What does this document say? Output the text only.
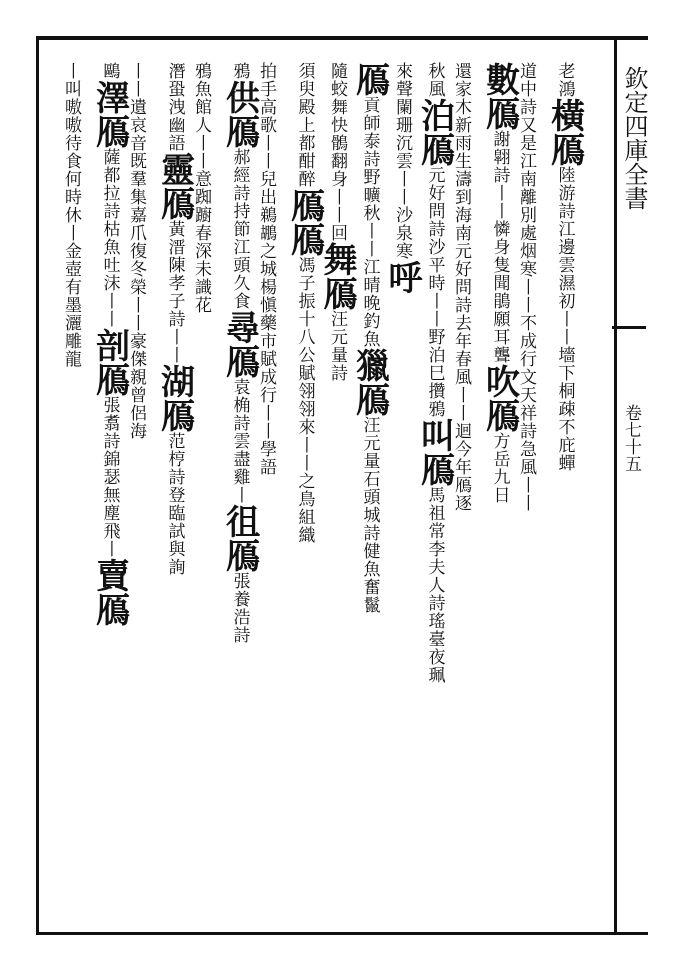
欽定四庫全書
卷七十五
老鴻橫鴈陸游詩江邊雲濕初丨丨墻下桐疎不庇蟬
道中詩又是江南離別處烟寒丨丨不成行文天祥詩急風丨丨
數鴈謝翶詩丨丨憐身隻聞鵑願耳聾吹鴈方岳九日
還家木新雨生濤到海南元好問詩去年春風丨丨迴今年鴈逐
秋風泊鴈元好問詩沙平時丨丨野泊巳攢鴉叫鴈馬祖常李夫人詩瑤臺夜珮
來聲闌珊沉雲丨丨沙泉寒呼
鴈貢師泰詩野曠秋丨丨江晴晚釣魚獵鴈汪元量石頭城詩健魚奮鬣
隨蛟舞快鶻翻身丨丨回舞鴈汪元量詩
須臾殿上都酣醉鴈鴈馮子振十八公賦翎翎來丨丨之鳥組織
拍手高歌丨丨兒出鵜鶘之城楊愼藥市賦成行丨丨學語
鴉供鴈郝經詩持節江頭久食尋鴈袁桷詩雲盡雞丨徂鴈張養浩詩
鴉魚館人丨丨意踟躕春深未識花
潛蛩洩幽語靈鴈黃溍陳孝子詩丨丨湖鴈范梈詩登臨試與詢
丨丨遺哀音既羣集嘉爪復冬榮丨丨豪傑親曾侶海
鷗澤鴈薩都拉詩枯魚吐沫丨丨剖鴈張翥詩錦瑟無塵飛丨賣鴈
丨叫嗷嗷待食何時休丨金壺有墨灑雕龍
